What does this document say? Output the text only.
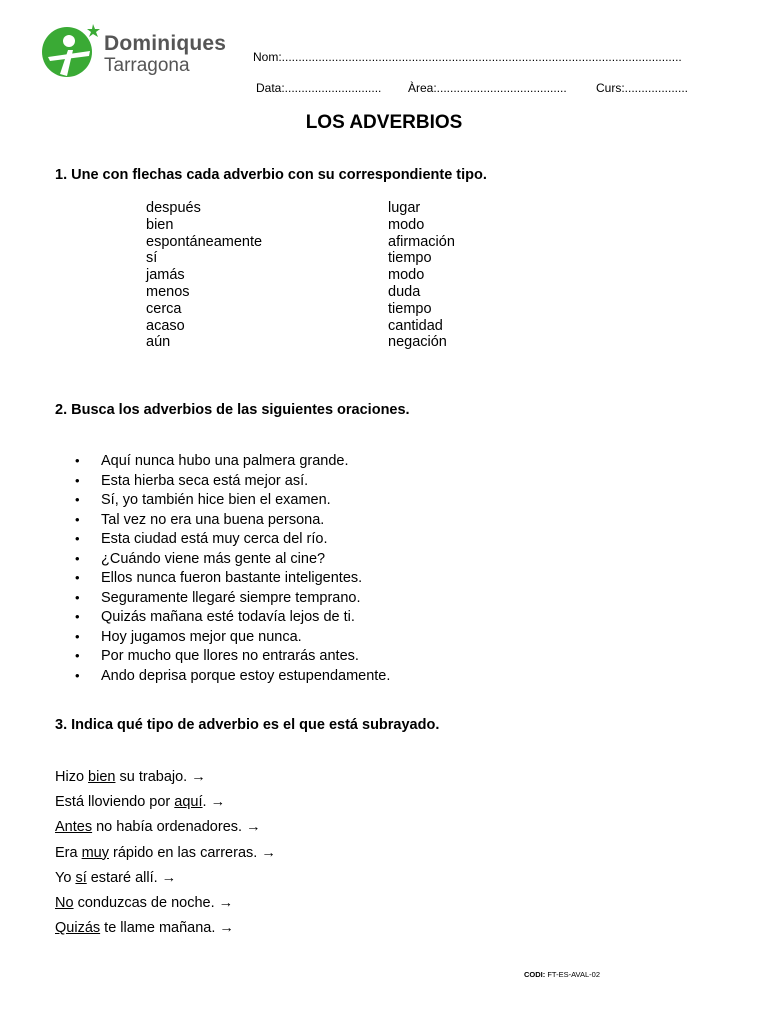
Dominiques
Tarragona	Nom:........................................................................................................................
Data:............................. Àrea:....................................... Curs:...................
LOS ADVERBIOS
1. Une con flechas cada adverbio con su correspondiente tipo.
después
bien
espontáneamente
sí
jamás
menos
cerca
acaso
aún
lugar
modo
afirmación
tiempo
modo
duda
tiempo
cantidad
negación
2. Busca los adverbios de las siguientes oraciones.
• Aquí nunca hubo una palmera grande.
• Esta hierba seca está mejor así.
• Sí, yo también hice bien el examen.
• Tal vez no era una buena persona.
• Esta ciudad está muy cerca del río.
• ¿Cuándo viene más gente al cine?
• Ellos nunca fueron bastante inteligentes.
• Seguramente llegaré siempre temprano.
• Quizás mañana esté todavía lejos de ti.
• Hoy jugamos mejor que nunca.
• Por mucho que llores no entrarás antes.
• Ando deprisa porque estoy estupendamente.
3. Indica qué tipo de adverbio es el que está subrayado.
Hizo bien su trabajo. →
Está lloviendo por aquí. →
Antes no había ordenadores. →
Era muy rápido en las carreras. →
Yo sí estaré allí. →
No conduzcas de noche. →
Quizás te llame mañana. →
CODI: FT-ES-AVAL-02
